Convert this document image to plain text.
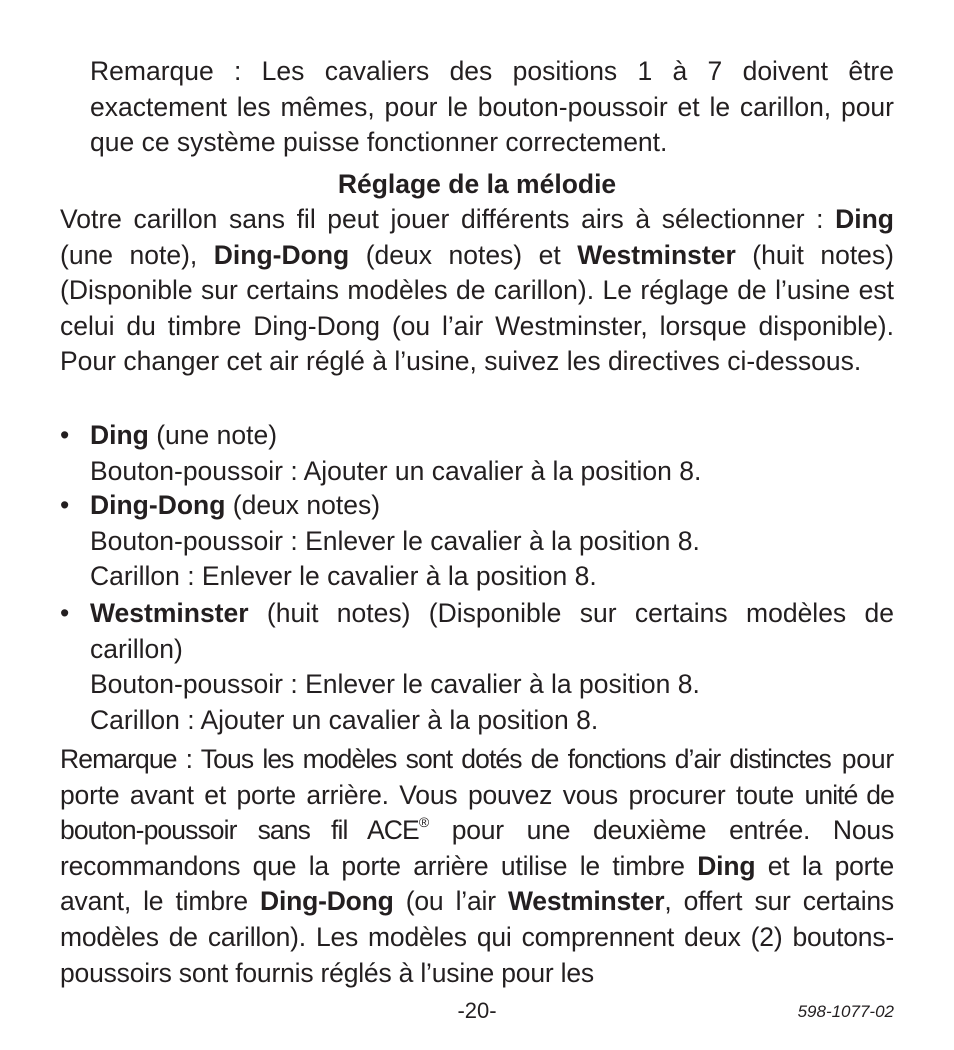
Remarque : Les cavaliers des positions 1 à 7 doivent être exactement les mêmes, pour le bouton-poussoir et le carillon, pour que ce système puisse fonctionner correctement.

Réglage de la mélodie

Votre carillon sans fil peut jouer différents airs à sélectionner : Ding (une note), Ding-Dong (deux notes) et Westminster (huit notes) (Disponible sur certains modèles de carillon). Le réglage de l’usine est celui du timbre Ding-Dong (ou l’air Westminster, lorsque disponible). Pour changer cet air réglé à l’usine, suivez les directives ci-dessous.

• Ding (une note)
Bouton-poussoir : Ajouter un cavalier à la position 8.
• Ding-Dong (deux notes)
Bouton-poussoir : Enlever le cavalier à la position 8.
Carillon : Enlever le cavalier à la position 8.
• Westminster (huit notes) (Disponible sur certains modèles de carillon)
Bouton-poussoir : Enlever le cavalier à la position 8.
Carillon : Ajouter un cavalier à la position 8.

Remarque : Tous les modèles sont dotés de fonctions d’air distinctes pour porte avant et porte arrière. Vous pouvez vous procurer toute unité de bouton-poussoir sans fil ACE® pour une deuxième entrée. Nous recommandons que la porte arrière utilise le timbre Ding et la porte avant, le timbre Ding-Dong (ou l’air Westminster, offert sur certains modèles de carillon). Les modèles qui comprennent deux (2) boutons-poussoirs sont fournis réglés à l’usine pour les

-20-	598-1077-02
